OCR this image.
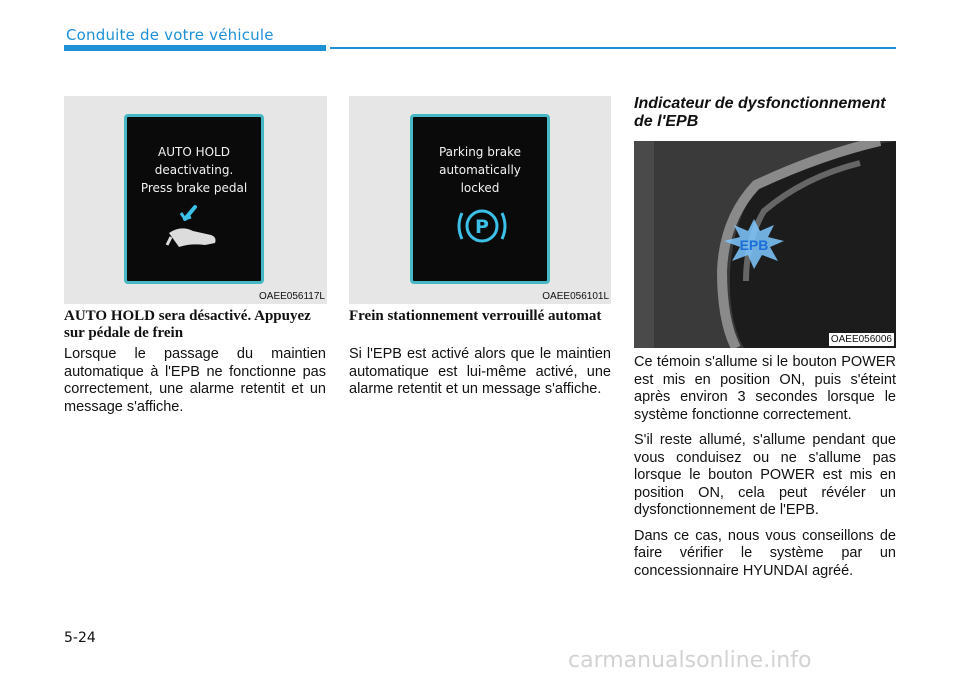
Conduite de votre véhicule
AUTO HOLD
deactivating.
Press brake pedal
OAEE056117L
Parking brake
automatically
locked
P
OAEE056101L
Indicateur de dysfonctionnement de l'EPB
EPB
OAEE056006
AUTO HOLD sera désactivé. Appuyez sur pédale de frein

Lorsque le passage du maintien automatique à l'EPB ne fonctionne pas correctement, une alarme retentit et un message s'affiche.

Frein stationnement verrouillé automat

Si l'EPB est activé alors que le maintien automatique est lui-même activé, une alarme retentit et un message s'affiche.

Ce témoin s'allume si le bouton POWER est mis en position ON, puis s'éteint après environ 3 secondes lorsque le système fonctionne correctement.

S'il reste allumé, s'allume pendant que vous conduisez ou ne s'allume pas lorsque le bouton POWER est mis en position ON, cela peut révéler un dysfonctionnement de l'EPB.

Dans ce cas, nous vous conseillons de faire vérifier le système par un concessionnaire HYUNDAI agréé.

5-24
carmanualsonline.info
